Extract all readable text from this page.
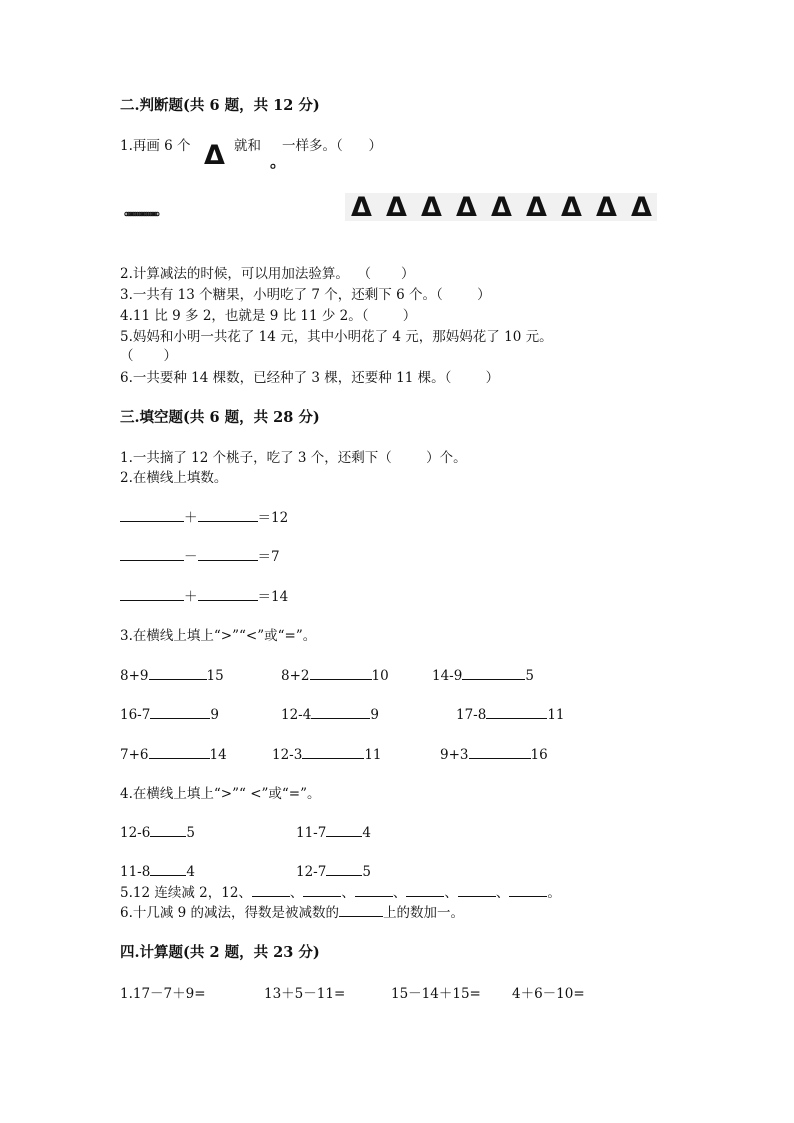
二.判断题(共 6 题，共 12 分)
1.再画 6 个 Δ 就和 一样多。（      ）
。
。。。。。。。。。。。。。。。	Δ Δ Δ Δ Δ Δ Δ Δ Δ
2.计算减法的时候，可以用加法验算。  （       ）
3.一共有 13 个糖果，小明吃了 7 个，还剩下 6 个。（        ）
4.11 比 9 多 2，也就是 9 比 11 少 2。（        ）
5.妈妈和小明一共花了 14 元，其中小明花了 4 元，那妈妈花了 10 元。
（       ）
6.一共要种 14 棵数，已经种了 3 棵，还要种 11 棵。（        ）
三.填空题(共 6 题，共 28 分)
1.一共摘了 12 个桃子，吃了 3 个，还剩下（        ）个。
2.在横线上填数。
＋	＝12
－	＝7
＋	＝14
3.在横线上填上“>”“<”或“=”。
8+9	15	8+2	10	14-9	5
16-7	9	12-4	9	17-8	11
7+6	14	12-3	11	9+3	16
4.在横线上填上“>”“ <”或“=”。
12-6	5	11-7	4
11-8	4	12-7	5
5.12 连续减 2，12、	、	、	、	、	、	。
6.十几减 9 的减法，得数是被减数的	上的数加一。
四.计算题(共 2 题，共 23 分)
1.17－7＋9=	13＋5－11=	15－14＋15= 4＋6－10=
